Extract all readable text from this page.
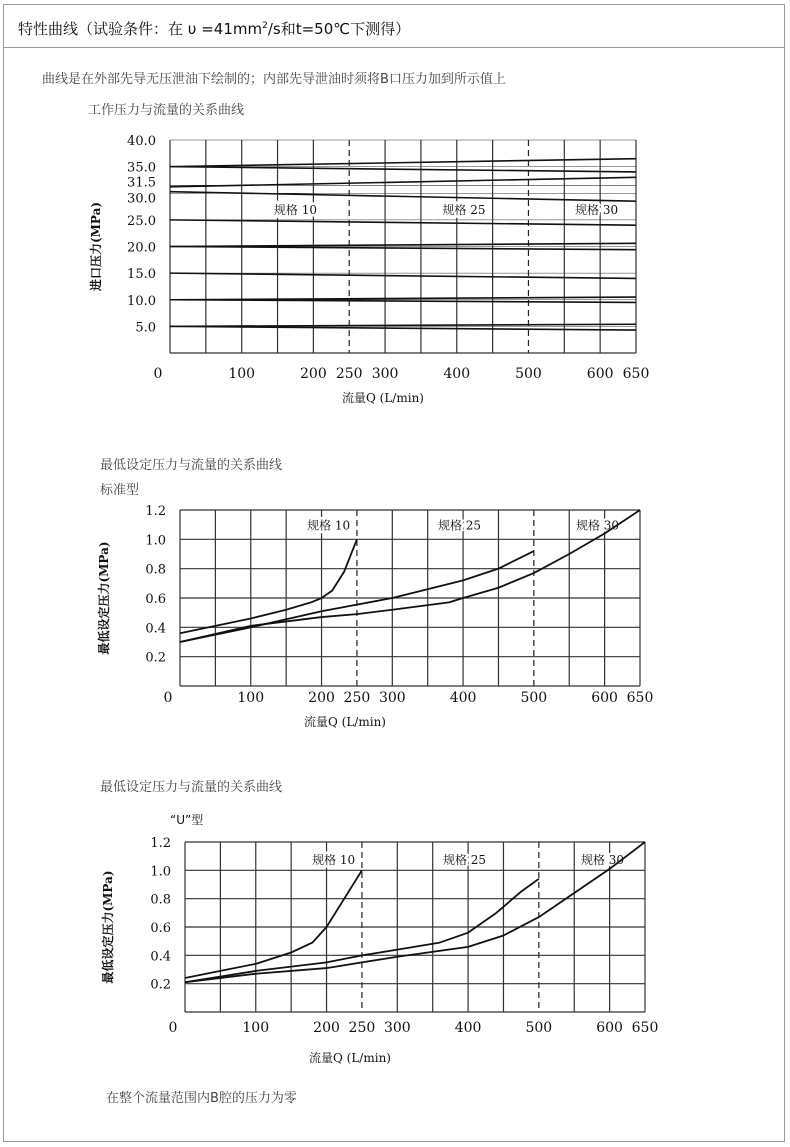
特性曲线（试验条件：在 $\upsilon =41mm^2/s$和t=50℃下测得）
曲线是在外部先导无压泄油下绘制的；内部先导泄油时须将B口压力加到所示值上
工作压力与流量的关系曲线
最低设定压力与流量的关系曲线
标准型
最低设定压力与流量的关系曲线
“U”型
在整个流量范围内B腔的压力为零
规格 10	规格 25	规格 30
5.0
10.0
15.0
20.0
25.0
30.0
31.5
35.0
40.0
0	100	200 250 300	400	500	600 650
流量Q (L/min)
进口压力(MPa)
规格 10	规格 25	规格 30
0.2
0.4
0.6
0.8
1.0
1.2
0	100	200 250 300	400	500	600 650
流量Q (L/min)
最低设定压力(MPa)
规格 10	规格 25	规格 30
0.2
0.4
0.6
0.8
1.0
1.2
0	100	200 250 300	400	500	600 650
流量Q (L/min)
最低设定压力(MPa)
